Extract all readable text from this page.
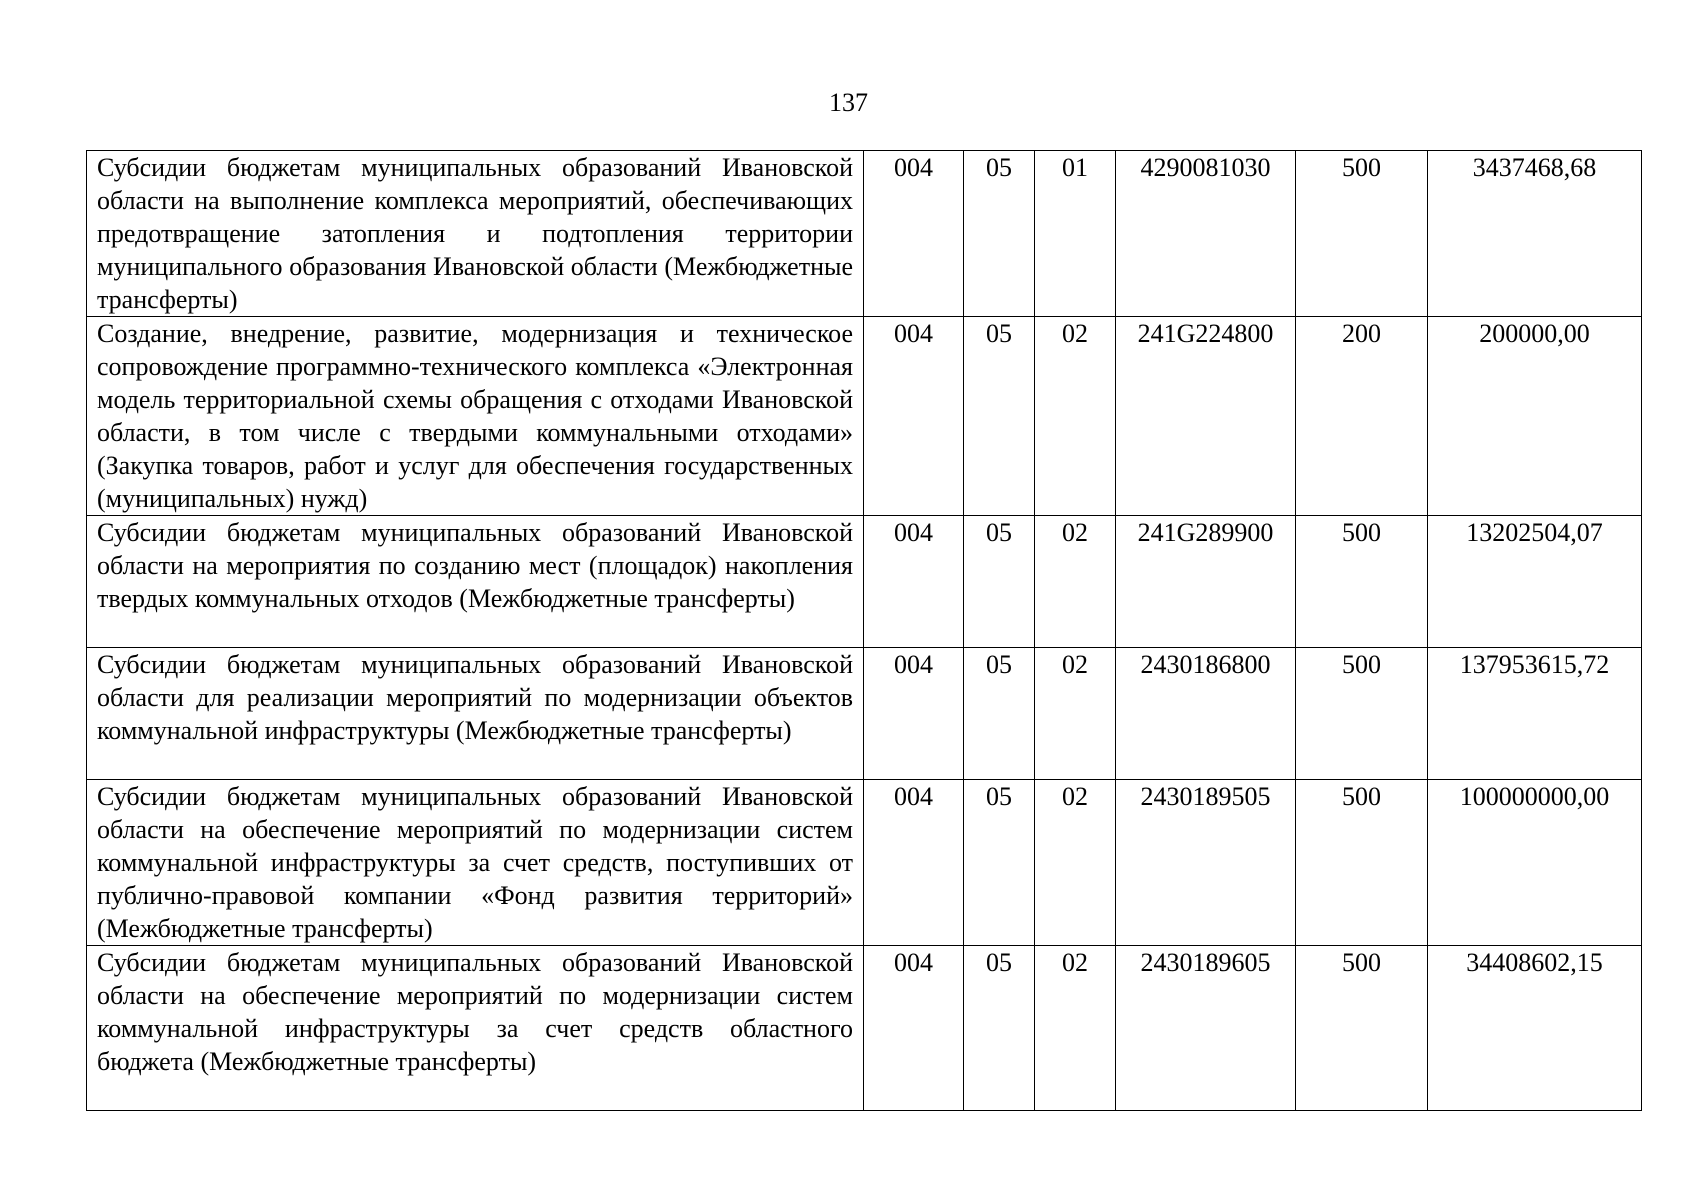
137
Субсидии бюджетам муниципальных образований Ивановской области на выполнение комплекса мероприятий, обеспечивающих предотвращение затопления и подтопления территории муниципального образования Ивановской области (Межбюджетные трансферты)	004	05	01	4290081030	500	3437468,68
Создание, внедрение, развитие, модернизация и техническое сопровождение программно-технического комплекса «Электронная модель территориальной схемы обращения с отходами Ивановской области, в том числе с твердыми коммунальными отходами» (Закупка товаров, работ и услуг для обеспечения государственных (муниципальных) нужд)	004	05	02	241G224800	200	200000,00
Субсидии бюджетам муниципальных образований Ивановской области на мероприятия по созданию мест (площадок) накопления твердых коммунальных отходов (Межбюджетные трансферты)	004	05	02	241G289900	500	13202504,07
Субсидии бюджетам муниципальных образований Ивановской области для реализации мероприятий по модернизации объектов коммунальной инфраструктуры (Межбюджетные трансферты)	004	05	02	2430186800	500	137953615,72
Субсидии бюджетам муниципальных образований Ивановской области на обеспечение мероприятий по модернизации систем коммунальной инфраструктуры за счет средств, поступивших от публично-правовой компании «Фонд развития территорий» (Межбюджетные трансферты)	004	05	02	2430189505	500	100000000,00
Субсидии бюджетам муниципальных образований Ивановской области на обеспечение мероприятий по модернизации систем коммунальной инфраструктуры за счет средств областного бюджета (Межбюджетные трансферты)	004	05	02	2430189605	500	34408602,15
